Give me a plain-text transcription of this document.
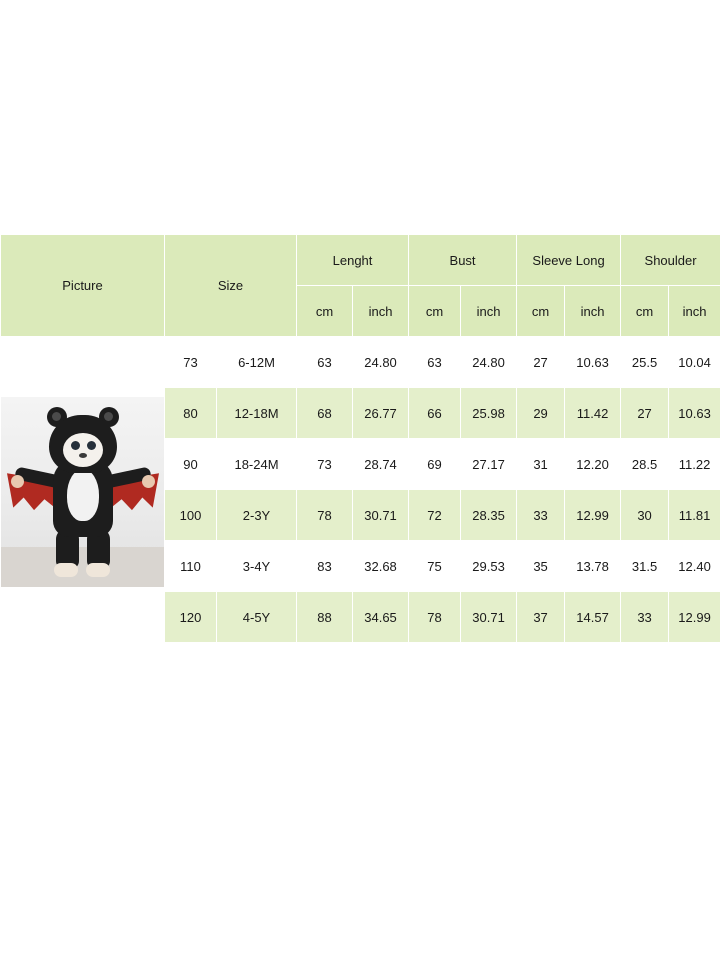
Picture	Size		Lenght		Bust		Sleeve Long		Shoulder	
			cm	inch	cm	inch	cm	inch	cm	inch

	73	6-12M	63	24.80	63	24.80	27	10.63	25.5	10.04
	80	12-18M	68	26.77	66	25.98	29	11.42	27	10.63
	90	18-24M	73	28.74	69	27.17	31	12.20	28.5	11.22
	100	2-3Y	78	30.71	72	28.35	33	12.99	30	11.81
	110	3-4Y	83	32.68	75	29.53	35	13.78	31.5	12.40
	120	4-5Y	88	34.65	78	30.71	37	14.57	33	12.99
